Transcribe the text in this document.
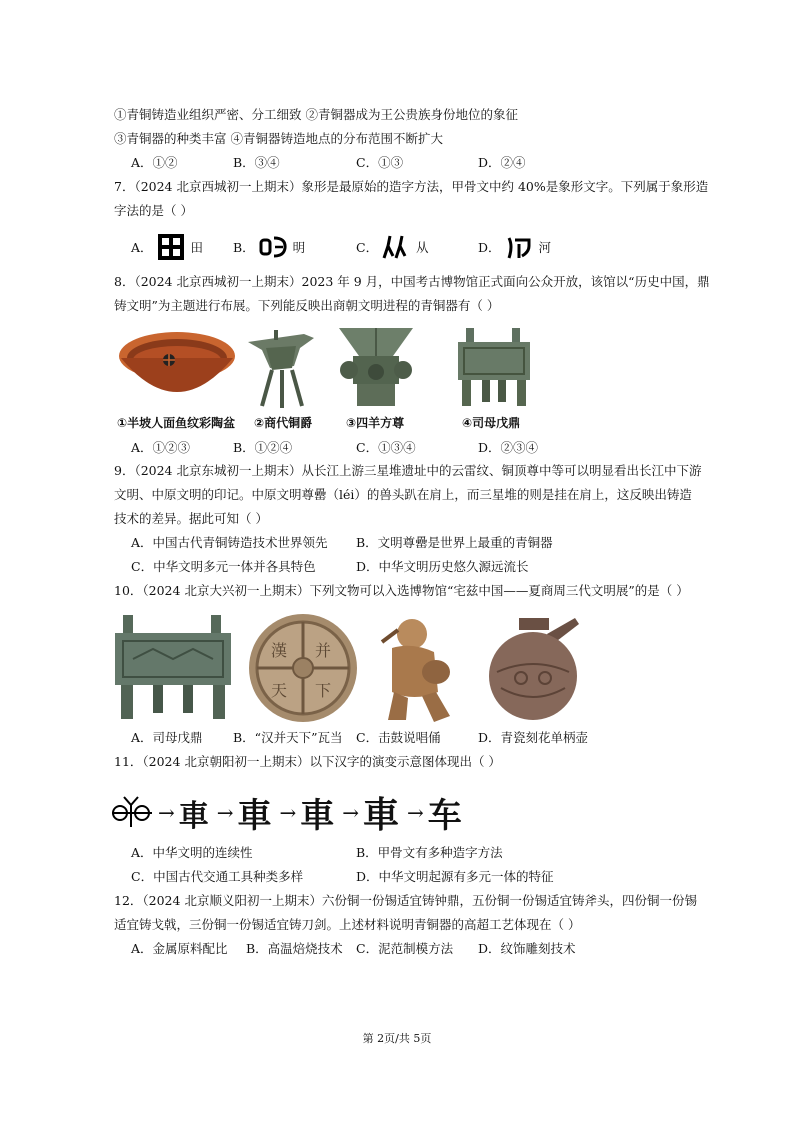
①青铜铸造业组织严密、分工细致 ②青铜器成为王公贵族身份地位的象征
③青铜器的种类丰富 ④青铜器铸造地点的分布范围不断扩大
A．①②	B．③④	C．①③	D．②④
7．（2024 北京西城初一上期末）象形是最原始的造字方法，甲骨文中约 40%是象形文字。下列属于象形造
字法的是（ ）
A．	田 B．	明	C．	从	D．	河
8．（2024 北京西城初一上期末）2023 年 9 月，中国考古博物馆正式面向公众开放，该馆以“历史中国，鼎
铸文明”为主题进行布展。下列能反映出商朝文明进程的青铜器有（ ）
①半坡人面鱼纹彩陶盆 ②商代铜爵	③四羊方尊	④司母戊鼎
A．①②③	B．①②④	C．①③④	D．②③④
9．（2024 北京东城初一上期末）从长江上游三星堆遗址中的云雷纹、铜顶尊中等可以明显看出长江中下游
文明、中原文明的印记。中原文明尊罍（léi）的兽头趴在肩上，而三星堆的则是挂在肩上，这反映出铸造
技术的差异。据此可知（ ）
A．中国古代青铜铸造技术世界领先 B．文明尊罍是世界上最重的青铜器
C．中华文明多元一体并各具特色	D．中华文明历史悠久源远流长
10．（2024 北京大兴初一上期末）下列文物可以入选博物馆“宅兹中国——夏商周三代文明展”的是（ ）
漢 并
天 下
A．司母戊鼎 B．“汉并天下”瓦当 C．击鼓说唱俑	D．青瓷刻花单柄壶
11．（2024 北京朝阳初一上期末）以下汉字的演变示意图体现出（ ）
→ 車 → 車 → 車 → 車 → 车
A．中华文明的连续性	B．甲骨文有多种造字方法
C．中国古代交通工具种类多样	D．中华文明起源有多元一体的特征
12．（2024 北京顺义阳初一上期末）六份铜一份锡适宜铸钟鼎，五份铜一份锡适宜铸斧头，四份铜一份锡
适宜铸戈戟，三份铜一份锡适宜铸刀剑。上述材料说明青铜器的高超工艺体现在（ ）
A．金属原料配比 B．高温焙烧技术 C．泥范制模方法 D．纹饰雕刻技术
第 2页/共 5页
